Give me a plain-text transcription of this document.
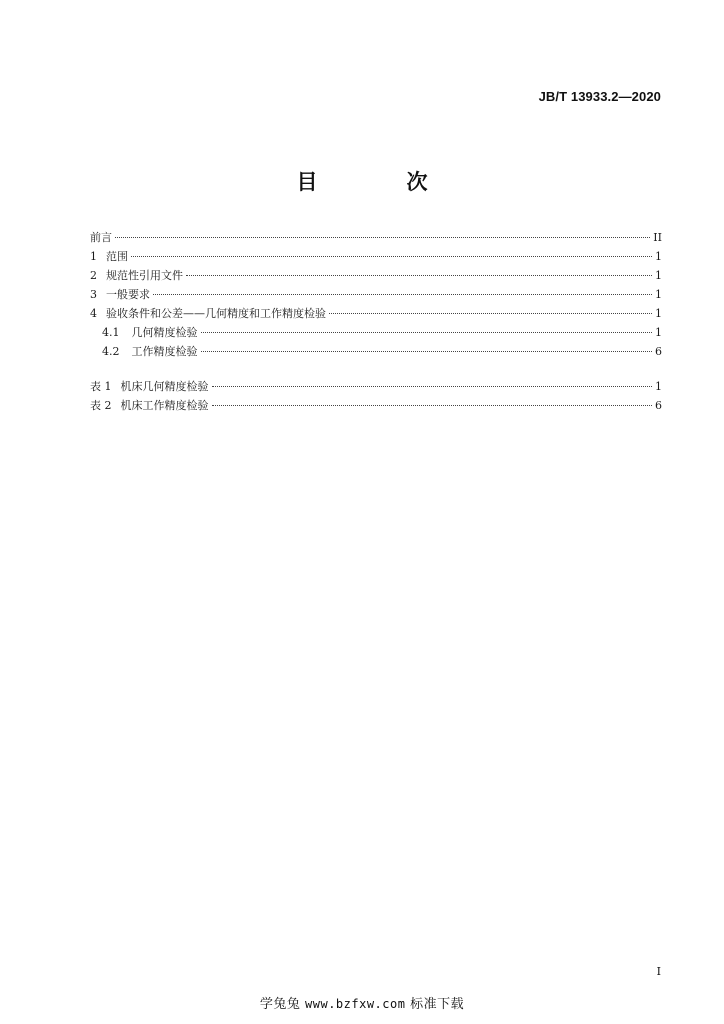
JB/T 13933.2—2020
目　次
前言	II
1 范围	1
2 规范性引用文件	1
3 一般要求	1
4 验收条件和公差——几何精度和工作精度检验	1
4.1 几何精度检验	1
4.2 工作精度检验	6
表 1 机床几何精度检验	1
表 2 机床工作精度检验	6
I
学兔兔 www.bzfxw.com 标准下载
